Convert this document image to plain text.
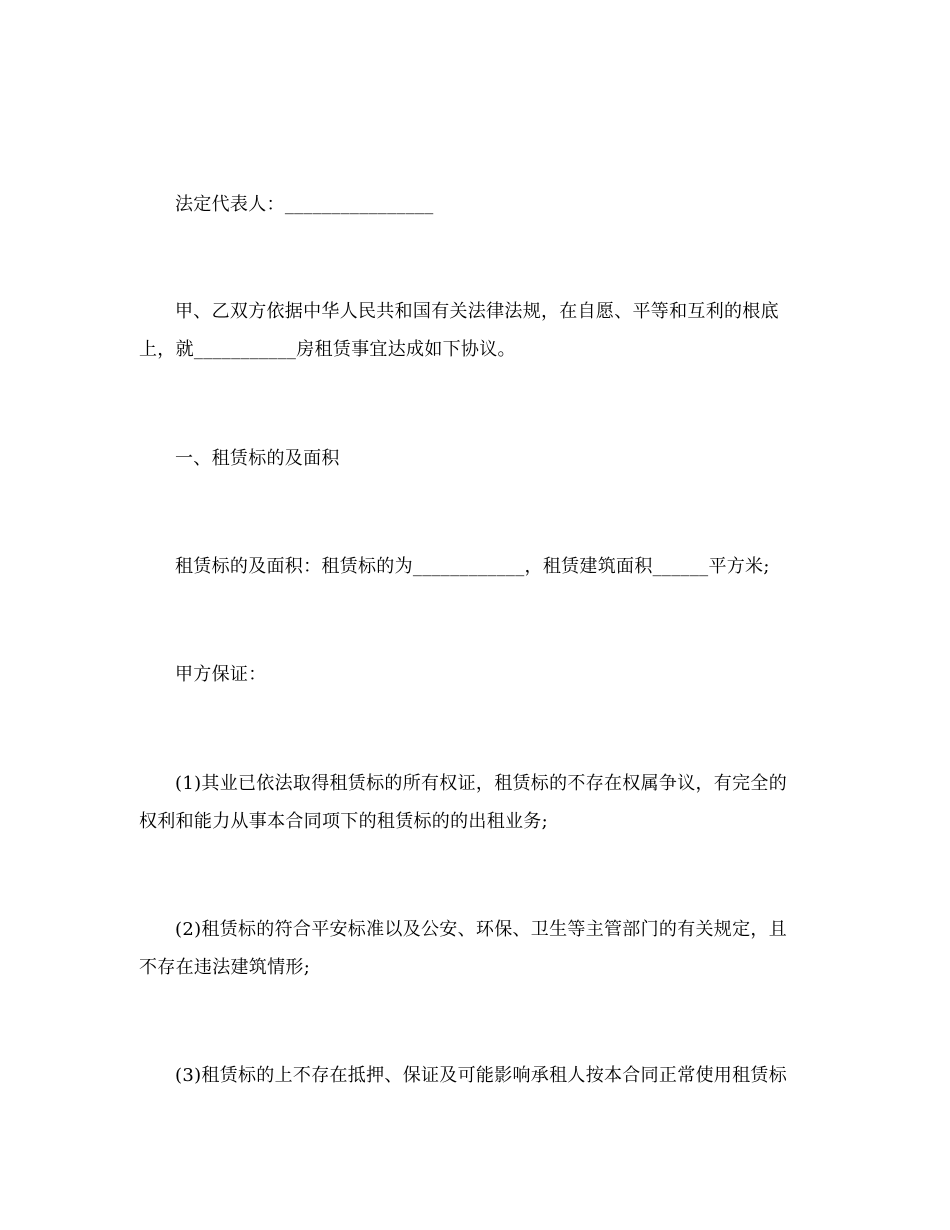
法定代表人：________________
甲、乙双方依据中华人民共和国有关法律法规，在自愿、平等和互利的根底
上，就___________房租赁事宜达成如下协议。
一、租赁标的及面积
租赁标的及面积：租赁标的为____________，租赁建筑面积______平方米;
甲方保证：
(1)其业已依法取得租赁标的所有权证，租赁标的不存在权属争议，有完全的
权利和能力从事本合同项下的租赁标的的出租业务;
(2)租赁标的符合平安标准以及公安、环保、卫生等主管部门的有关规定，且
不存在违法建筑情形;
(3)租赁标的上不存在抵押、保证及可能影响承租人按本合同正常使用租赁标
